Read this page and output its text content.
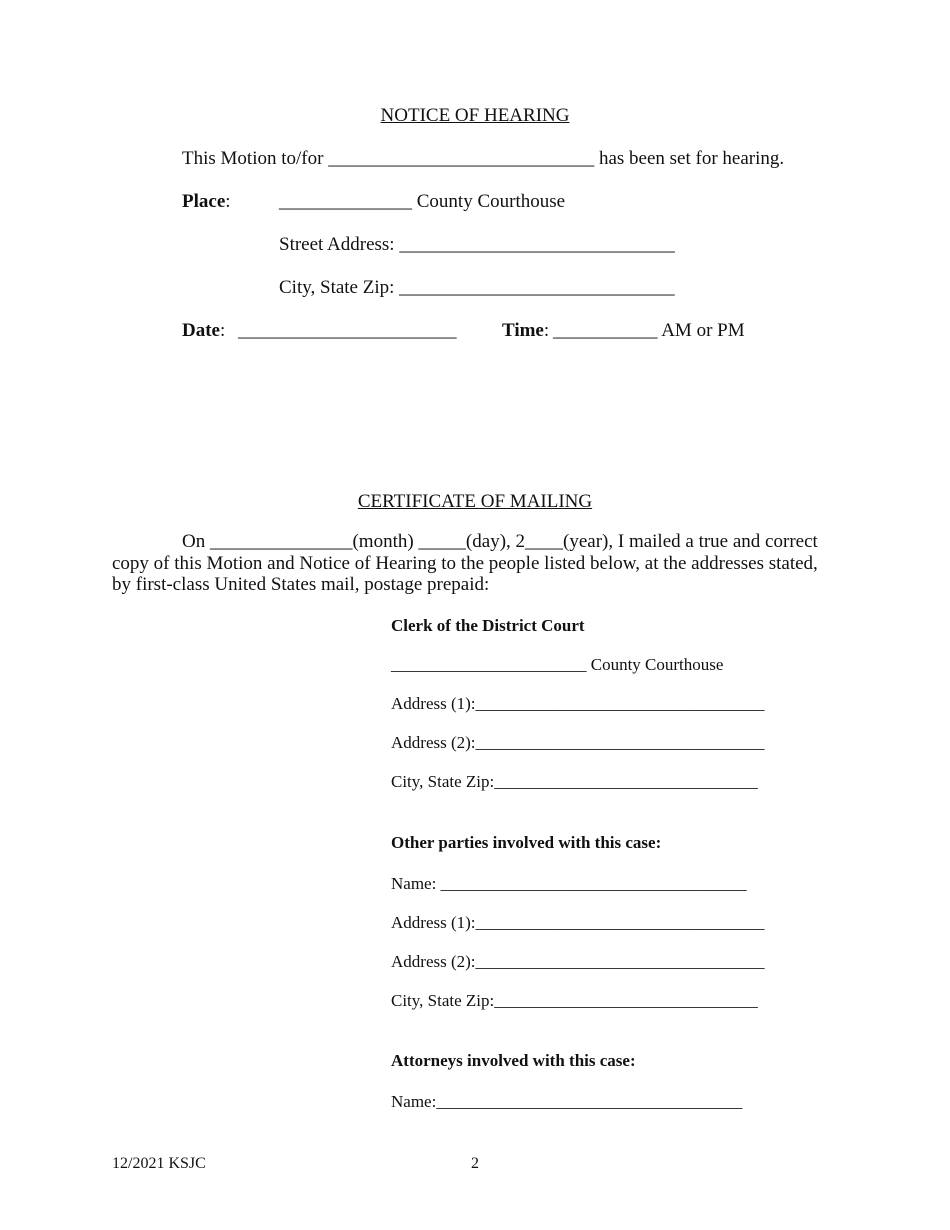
NOTICE OF HEARING
This Motion to/for ____________________________ has been set for hearing.
Place:	______________ County Courthouse
Street Address: _____________________________
City, State Zip: _____________________________
Date: _______________________ Time: ___________ AM or PM
CERTIFICATE OF MAILING
On _______________(month) _____(day), 2____(year), I mailed a true and correct copy of this Motion and Notice of Hearing to the people listed below, at the addresses stated, by first-class United States mail, postage prepaid:
Clerk of the District Court
_______________________ County Courthouse
Address (1):__________________________________
Address (2):__________________________________
City, State Zip:_______________________________
Other parties involved with this case:
Name: ____________________________________
Address (1):__________________________________
Address (2):__________________________________
City, State Zip:_______________________________
Attorneys involved with this case:
Name:____________________________________
12/2021 KSJC	2
